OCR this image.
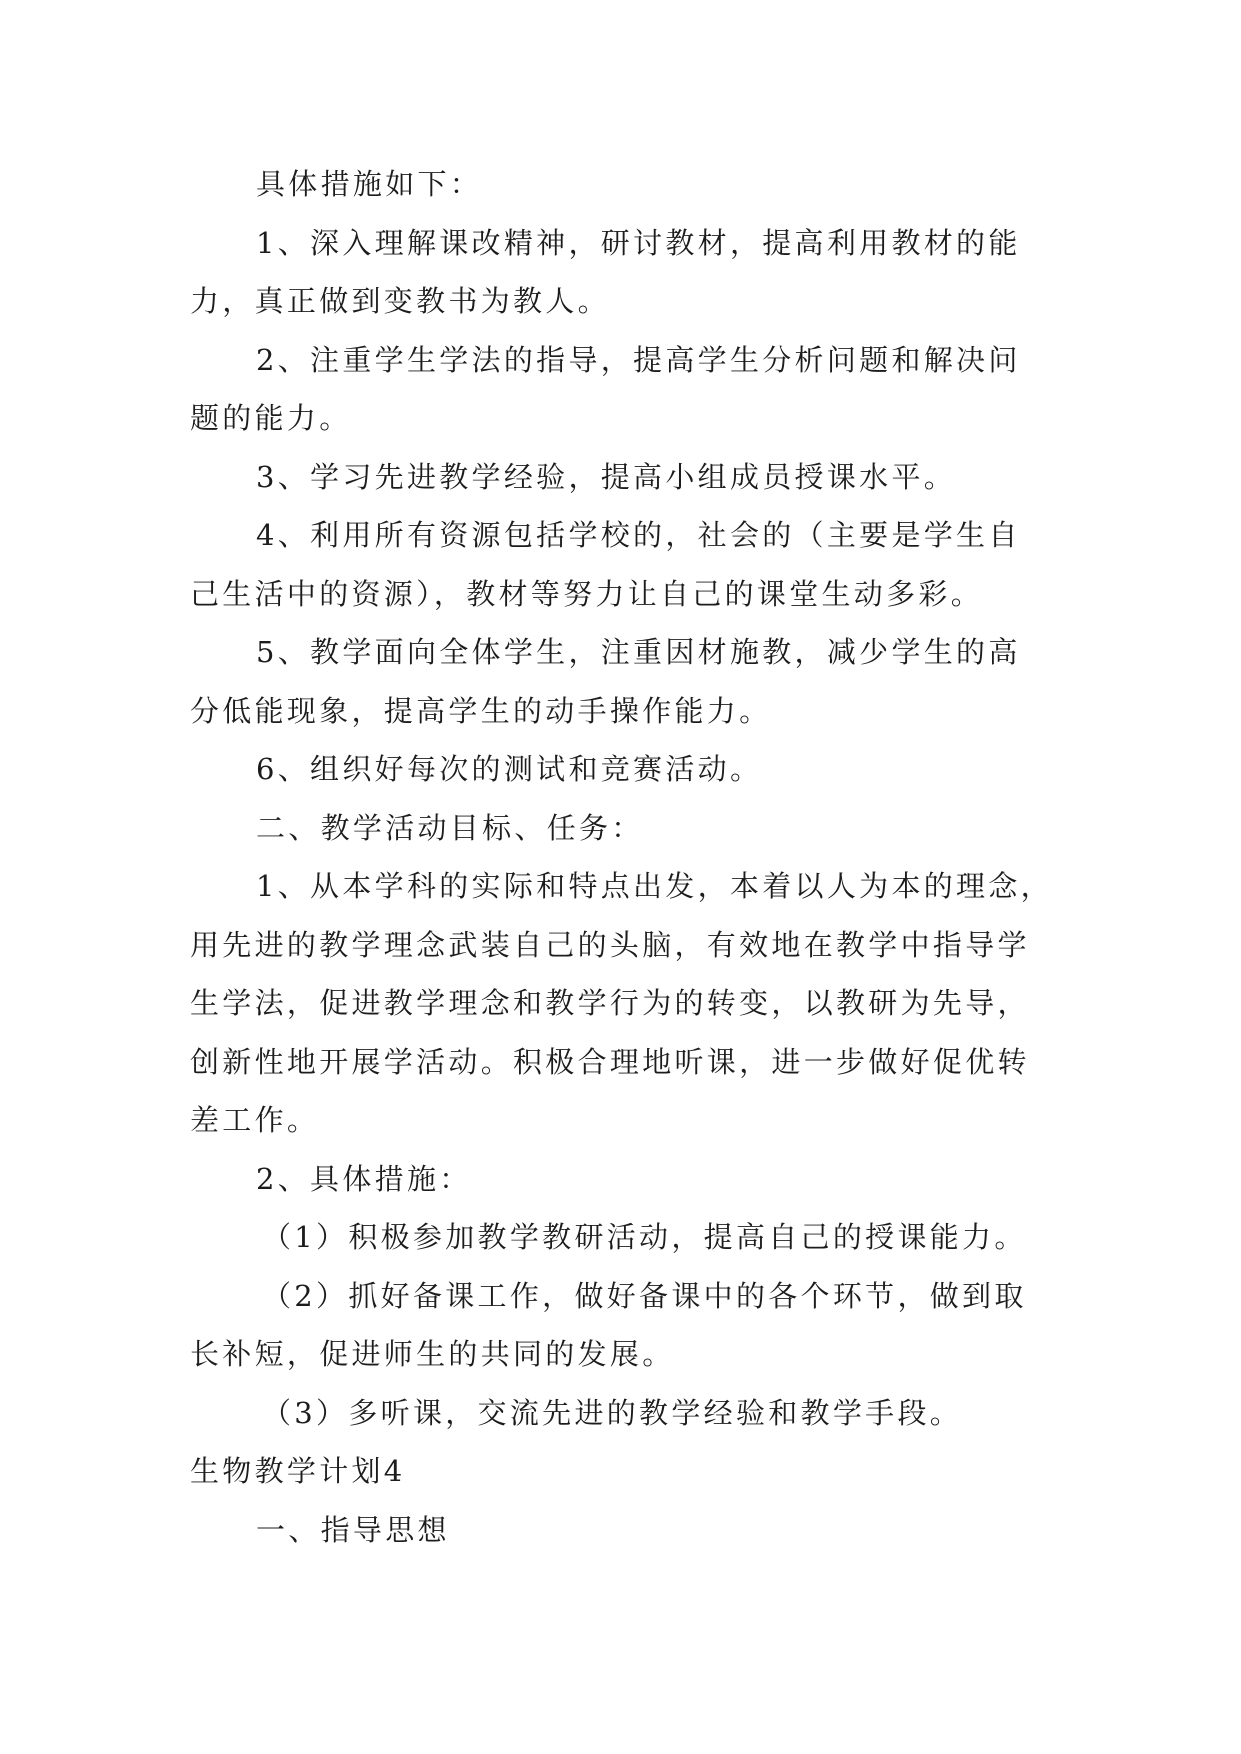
具体措施如下：
1、深入理解课改精神，研讨教材，提高利用教材的能
力，真正做到变教书为教人。
2、注重学生学法的指导，提高学生分析问题和解决问
题的能力。
3、学习先进教学经验，提高小组成员授课水平。
4、利用所有资源包括学校的，社会的（主要是学生自
己生活中的资源），教材等努力让自己的课堂生动多彩。
5、教学面向全体学生，注重因材施教，减少学生的高
分低能现象，提高学生的动手操作能力。
6、组织好每次的测试和竞赛活动。
二、教学活动目标、任务：
1、从本学科的实际和特点出发，本着以人为本的理念，
用先进的教学理念武装自己的头脑，有效地在教学中指导学
生学法，促进教学理念和教学行为的转变，以教研为先导，
创新性地开展学活动。积极合理地听课，进一步做好促优转
差工作。
2、具体措施：
（1）积极参加教学教研活动，提高自己的授课能力。
（2）抓好备课工作，做好备课中的各个环节，做到取
长补短，促进师生的共同的发展。
（3）多听课，交流先进的教学经验和教学手段。
生物教学计划4
一、指导思想
